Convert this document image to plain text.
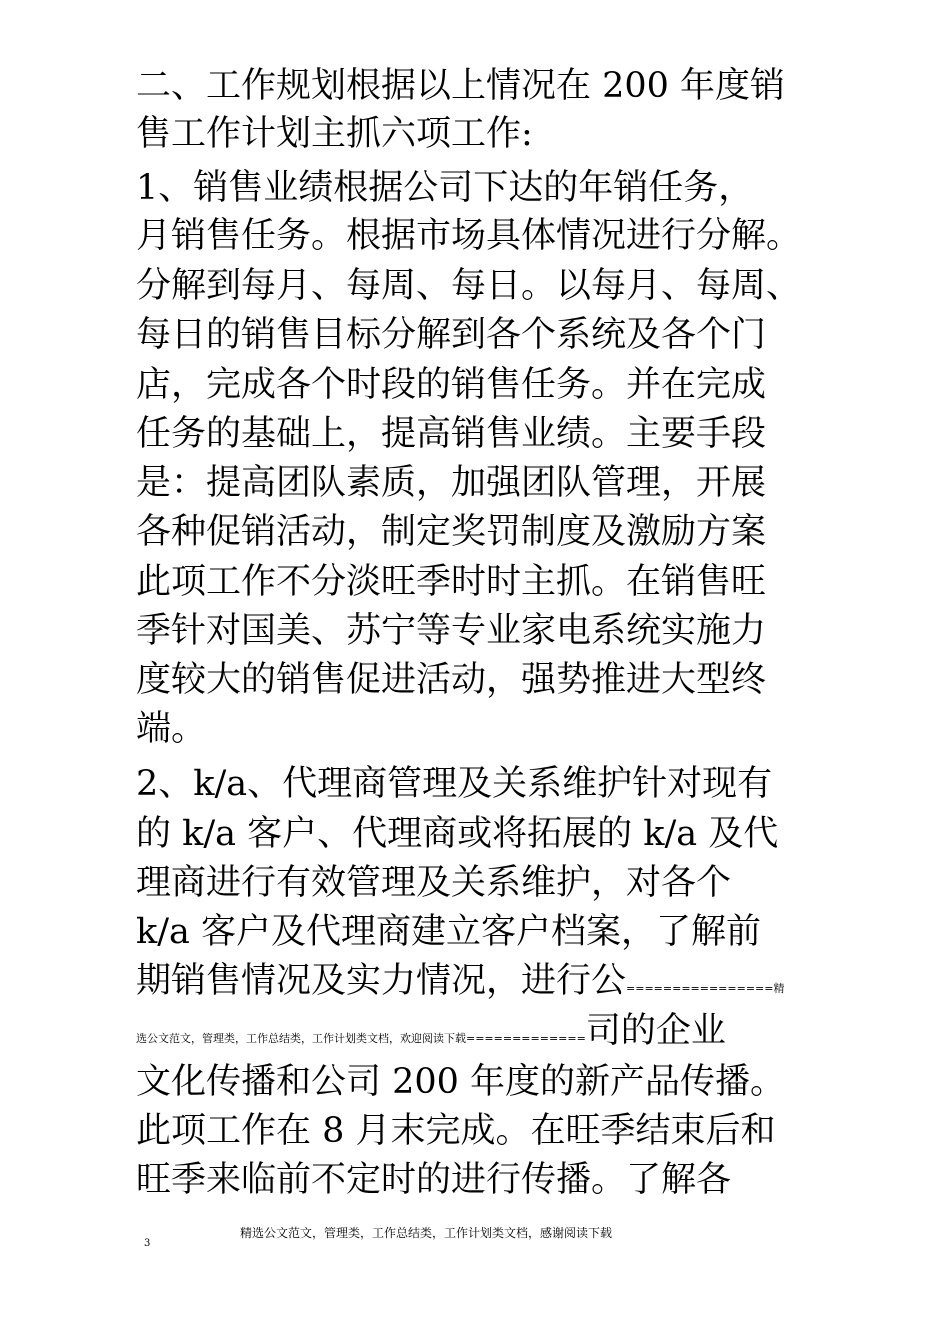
二、工作规划根据以上情况在 200 年度销
售工作计划主抓六项工作:
1、销售业绩根据公司下达的年销任务，
月销售任务。根据市场具体情况进行分解。
分解到每月、每周、每日。以每月、每周、
每日的销售目标分解到各个系统及各个门
店，完成各个时段的销售任务。并在完成
任务的基础上，提高销售业绩。主要手段
是：提高团队素质，加强团队管理，开展
各种促销活动，制定奖罚制度及激励方案
此项工作不分淡旺季时时主抓。在销售旺
季针对国美、苏宁等专业家电系统实施力
度较大的销售促进活动，强势推进大型终
端。
2、k/a、代理商管理及关系维护针对现有
的 k/a 客户、代理商或将拓展的 k/a 及代
理商进行有效管理及关系维护，对各个
k/a 客户及代理商建立客户档案，了解前
期销售情况及实力情况，进行公================精
选公文范文，管理类，工作总结类，工作计划类文档，欢迎阅读下载=============司的企业
文化传播和公司 200 年度的新产品传播。
此项工作在 8 月末完成。在旺季结束后和
旺季来临前不定时的进行传播。了解各
精选公文范文，管理类，工作总结类，工作计划类文档，感谢阅读下载
3
